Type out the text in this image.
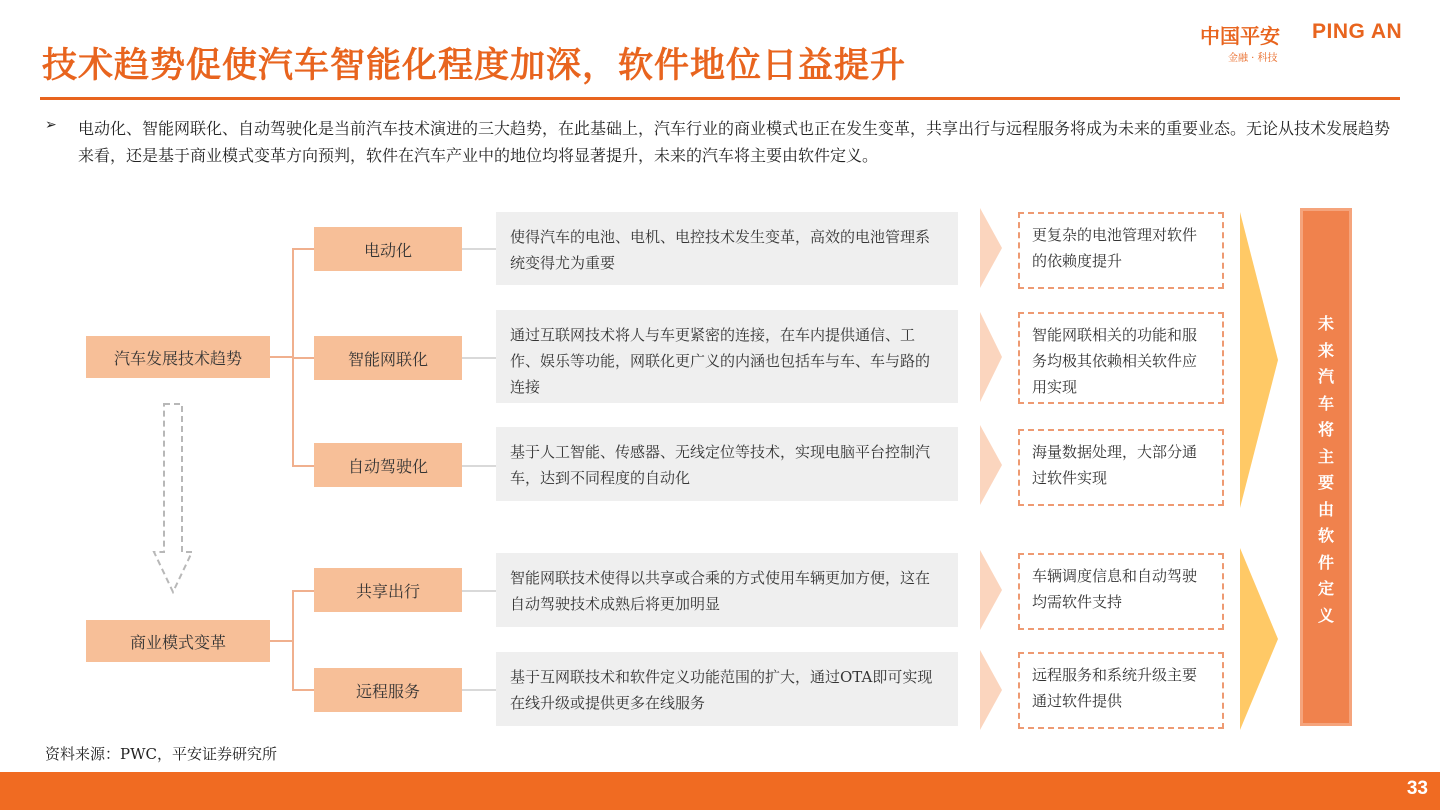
技术趋势促使汽车智能化程度加深，软件地位日益提升
中国平安 PING AN
金融 · 科技
➢ 电动化、智能网联化、自动驾驶化是当前汽车技术演进的三大趋势，在此基础上，汽车行业的商业模式也正在发生变革，共享出行与远程服务将成为未来的重要业态。无论从技术发展趋势来看，还是基于商业模式变革方向预判，软件在汽车产业中的地位均将显著提升，未来的汽车将主要由软件定义。
汽车发展技术趋势
商业模式变革
电动化
智能网联化
自动驾驶化
共享出行
远程服务
使得汽车的电池、电机、电控技术发生变革，高效的电池管理系统变得尤为重要
通过互联网技术将人与车更紧密的连接，在车内提供通信、工作、娱乐等功能，网联化更广义的内涵也包括车与车、车与路的连接
基于人工智能、传感器、无线定位等技术，实现电脑平台控制汽车，达到不同程度的自动化
智能网联技术使得以共享或合乘的方式使用车辆更加方便，这在自动驾驶技术成熟后将更加明显
基于互网联技术和软件定义功能范围的扩大，通过OTA即可实现在线升级或提供更多在线服务
更复杂的电池管理对软件的依赖度提升
智能网联相关的功能和服务均极其依赖相关软件应用实现
海量数据处理，大部分通过软件实现
车辆调度信息和自动驾驶均需软件支持
远程服务和系统升级主要通过软件提供
未
来
汽
车
将
主
要
由
软
件
定
义
资料来源：PWC，平安证券研究所
33
